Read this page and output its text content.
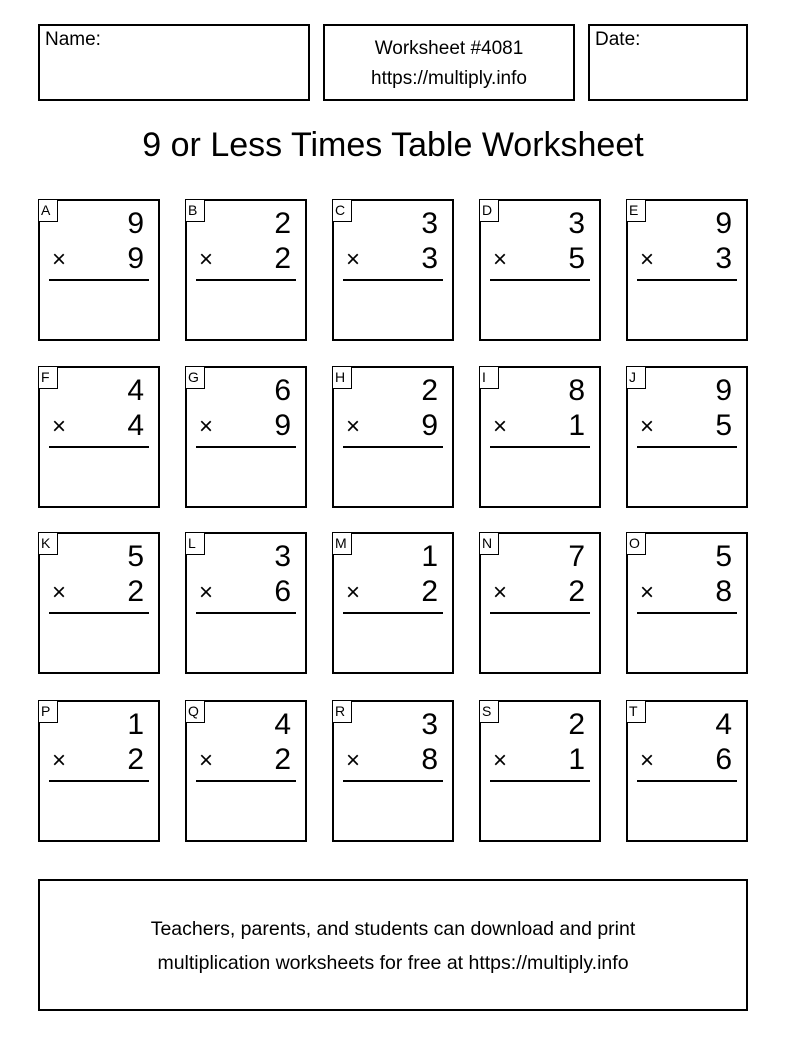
Name:	Worksheet #4081
https://multiply.info
Date:
9 or Less Times Table Worksheet
A	9
× 9
B	2
× 2
C	3
× 3
D	3
× 5
E	9
× 3
F	4
× 4
G	6
× 9
H	2
× 9
I	8
× 1
J	9
× 5
K	5
× 2
L	3
× 6
M 1
× 2
N	7
× 2
O	5
× 8
P	1
× 2
Q	4
× 2
R	3
× 8
S	2
× 1
T	4
× 6
Teachers, parents, and students can download and print
multiplication worksheets for free at https://multiply.info
